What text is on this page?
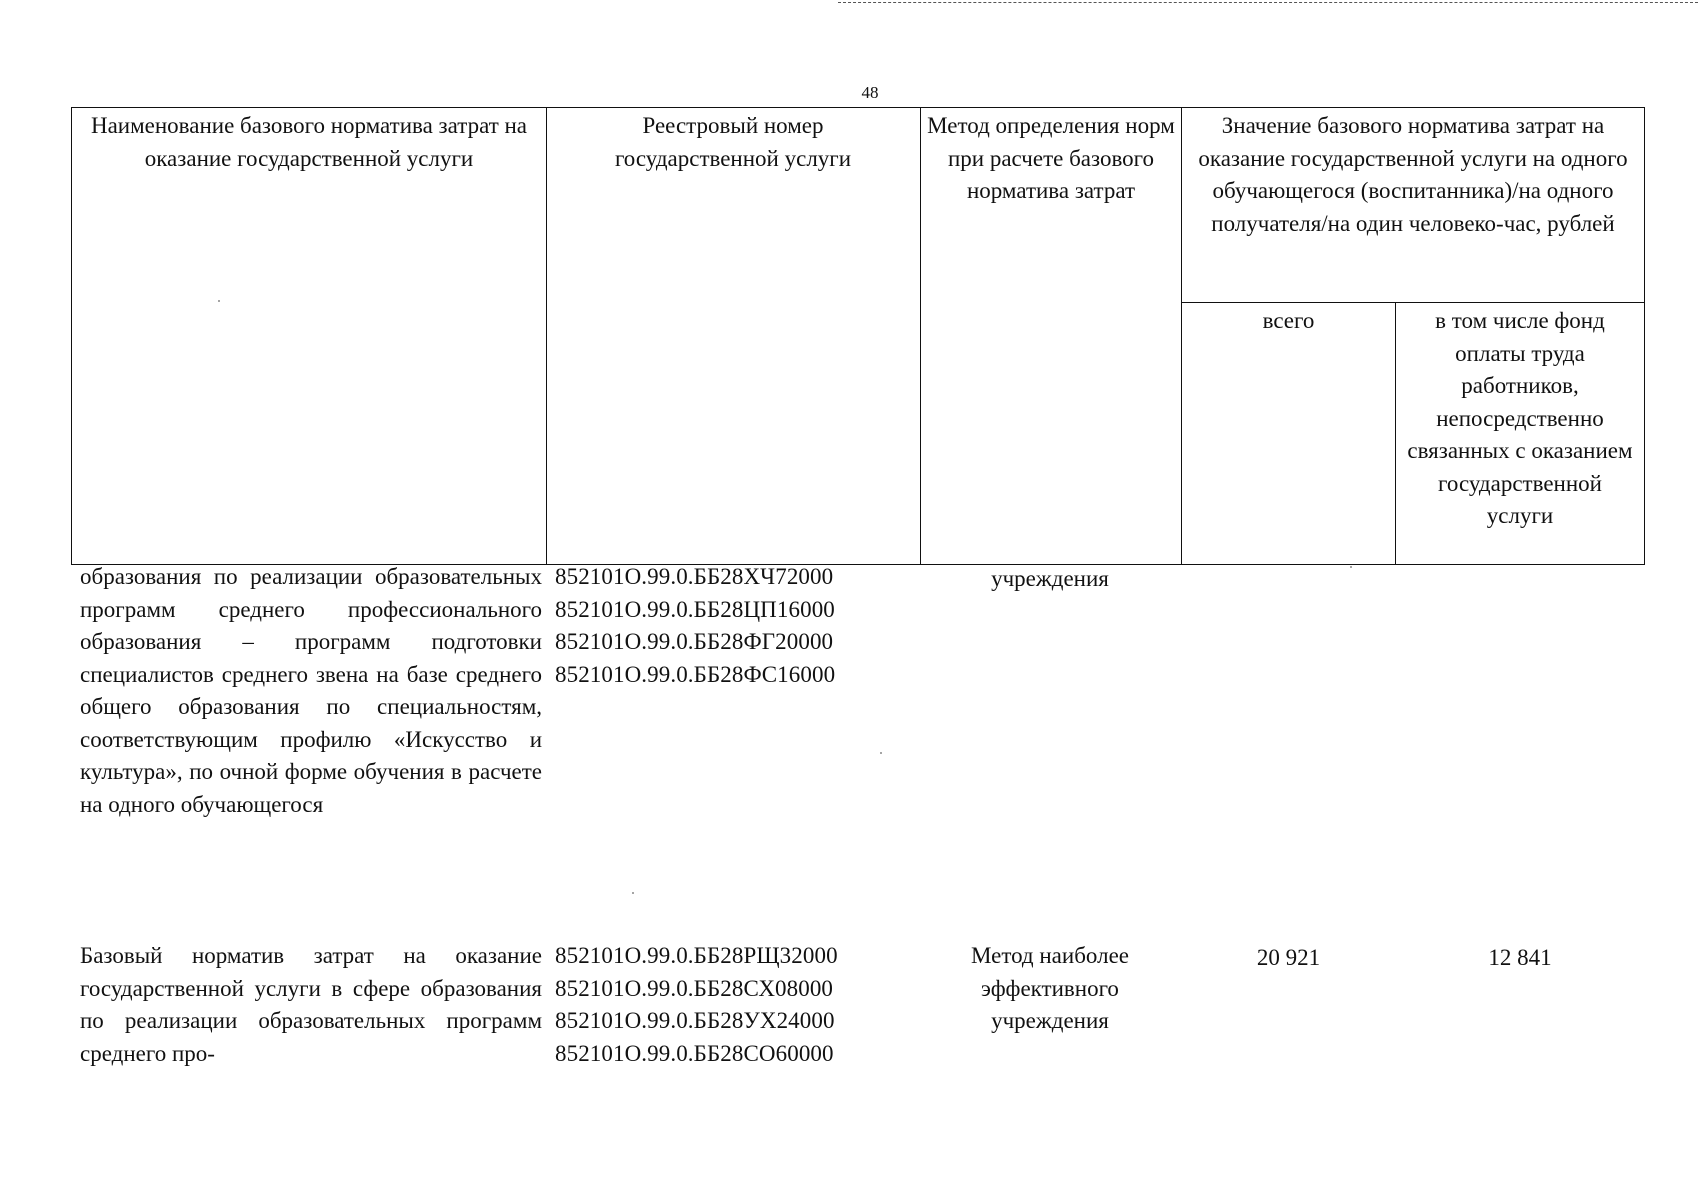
48
Наименование базового норматива затрат на оказание государственной услуги
Реестровый номер государственной услуги
Метод определения норм при расчете базового норматива затрат
Значение базового норматива затрат на оказание государственной услуги на одного обучающегося (воспитанника)/на одного получателя/на один человеко-час, рублей
всего	в том числе фонд оплаты труда работников, непосредственно связанных с оказанием государственной услуги
образования по реализации образовательных программ среднего профессионального образования – программ подготовки специалистов среднего звена на базе среднего общего образования по специальностям, соответствующим профилю «Искусство и культура», по очной форме обучения в расчете на одного обучающегося
852101О.99.0.ББ28ХЧ72000
852101О.99.0.ББ28ЦП16000
852101О.99.0.ББ28ФГ20000
852101О.99.0.ББ28ФС16000
учреждения
Базовый норматив затрат на оказание государственной услуги в сфере образования по реализации образовательных программ среднего про-
852101О.99.0.ББ28РЩ32000
852101О.99.0.ББ28СХ08000
852101О.99.0.ББ28УХ24000
852101О.99.0.ББ28СО60000
Метод наиболее эффективного учреждения
20 921	12 841
